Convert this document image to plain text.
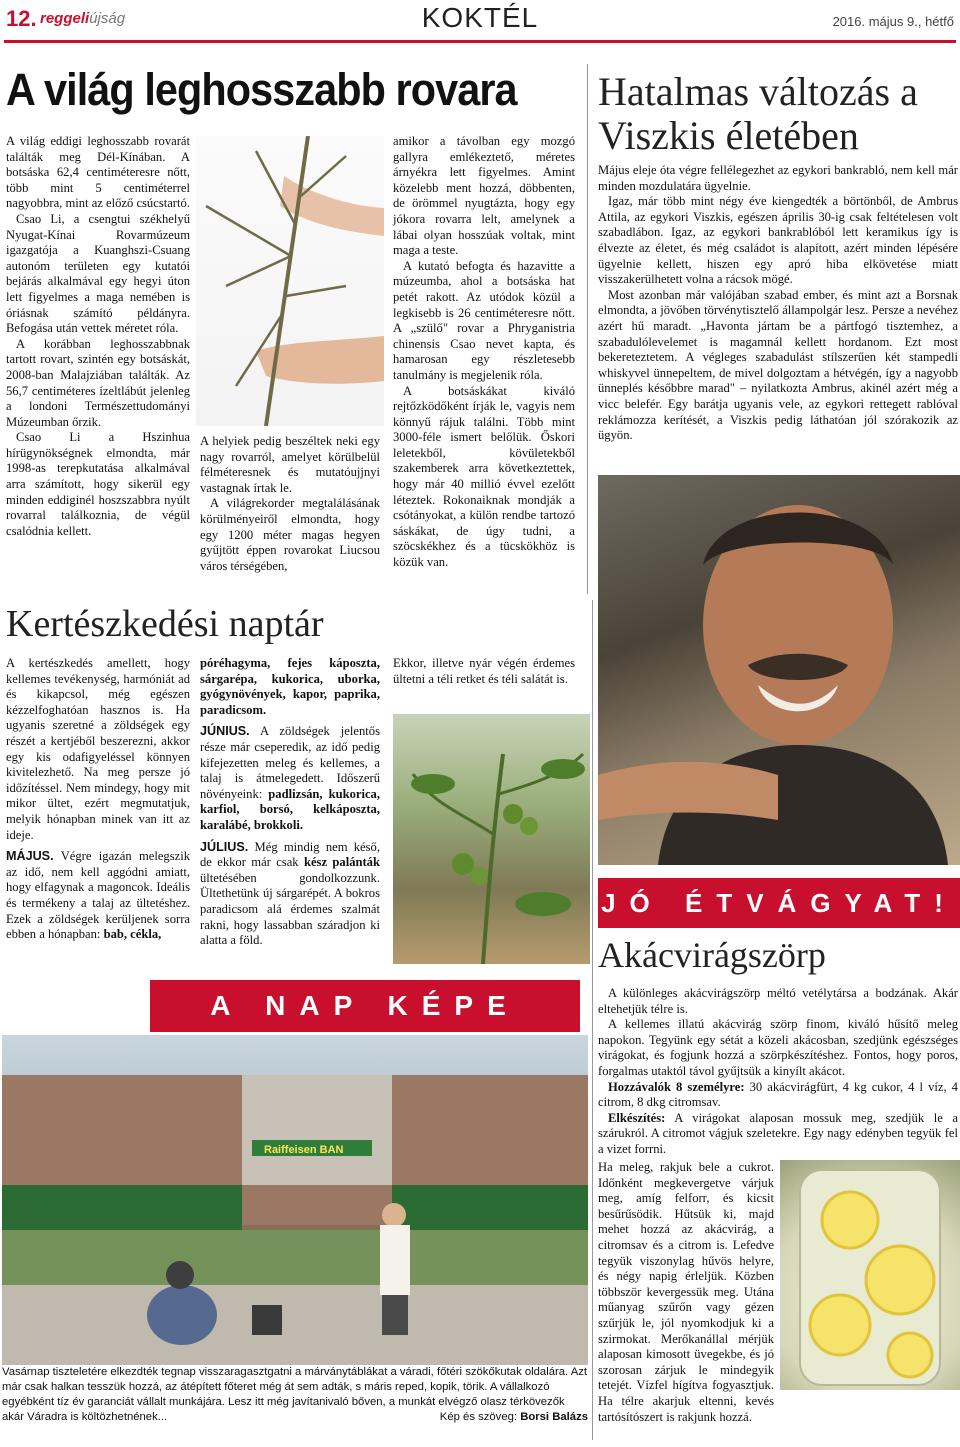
12. reggeliújság	KOKTÉL	2016. május 9., hétfő
A világ leghosszabb rovara

A világ eddigi leghosszabb rovarát találták meg Dél-Kínában. A botsáska 62,4 centiméteresre nőtt, több mint 5 centiméterrel nagyobbra, mint az előző csúcstartó.

Csao Li, a csengtui székhelyű Nyugat-Kínai Rovarmúzeum igazgatója a Kuanghszi-Csuang autonóm területen egy kutatói bejárás alkalmával egy hegyi úton lett figyelmes a maga nemében is óriásnak számító példányra. Befogása után vettek méretet róla.

A korábban leghosszabbnak tartott rovart, szintén egy botsáskát, 2008-ban Malajziában találták. Az 56,7 centiméteres ízeltlábút jelenleg a londoni Természettudományi Múzeumban őrzik.

Csao Li a Hszinhua hírügynökségnek elmondta, már 1998-as terepkutatása alkalmával arra számított, hogy sikerül egy minden eddiginél hoszszabbra nyúlt rovarral találkoznia, de végül csalódnia kellett.

A helyiek pedig beszéltek neki egy nagy rovarról, amelyet körülbelül félméteresnek és mutatóujjnyi vastagnak írtak le.

A világrekorder megtalálásának körülményeiről elmondta, hogy egy 1200 méter magas hegyen gyűjtött éppen rovarokat Liucsou város térségében,

amikor a távolban egy mozgó gallyra emlékeztető, méretes árnyékra lett figyelmes. Amint közelebb ment hozzá, döbbenten, de örömmel nyugtázta, hogy egy jókora rovarra lelt, amelynek a lábai olyan hosszúak voltak, mint maga a teste.

A kutató befogta és hazavitte a múzeumba, ahol a botsáska hat petét rakott. Az utódok közül a legkisebb is 26 centiméteresre nőtt. A „szülő" rovar a Phryganistria chinensis Csao nevet kapta, és hamarosan egy részletesebb tanulmány is megjelenik róla.

A botsáskákat kiváló rejtőzködőként írják le, vagyis nem könnyű rájuk találni. Több mint 3000-féle ismert belőlük. Őskori leletekből, kövületekből szakemberek arra következtettek, hogy már 40 millió évvel ezelőtt léteztek. Rokonaiknak mondják a csótányokat, a külön rendbe tartozó sáskákat, de úgy tudni, a szöcskékhez és a tücskökhöz is közük van.

Hatalmas változás a Viszkis életében

Május eleje óta végre fellélegezhet az egykori bankrabló, nem kell már minden mozdulatára ügyelnie.

Igaz, már több mint négy éve kiengedték a börtönből, de Ambrus Attila, az egykori Viszkis, egészen április 30-ig csak feltételesen volt szabadlábon. Igaz, az egykori bankrablóból lett keramikus így is élvezte az életet, és még családot is alapított, azért minden lépésére ügyelnie kellett, hiszen egy apró hiba elkövetése miatt visszakerülhetett volna a rácsok mögé.

Most azonban már valójában szabad ember, és mint azt a Borsnak elmondta, a jövőben törvénytisztelő állampolgár lesz. Persze a nevéhez azért hű maradt. „Havonta jártam be a pártfogó tisztemhez, a szabadulólevelemet is magamnál kellett hordanom. Ezt most bekereteztetem. A végleges szabadulást stílszerűen két stampedli whiskyvel ünnepeltem, de mivel dolgoztam a hétvégén, így a nagyobb ünneplés későbbre marad" – nyilatkozta Ambrus, akinél azért még a vicc belefér. Egy barátja ugyanis vele, az egykori rettegett rablóval reklámozza kerítését, a Viszkis pedig láthatóan jól szórakozik az ügyön.

Kertészkedési naptár

A kertészkedés amellett, hogy kellemes tevékenység, harmóniát ad és kikapcsol, még egészen kézzelfoghatóan hasznos is. Ha ugyanis szeretné a zöldségek egy részét a kertjéből beszerezni, akkor egy kis odafigyeléssel könnyen kivitelezhető. Na meg persze jó időzítéssel. Nem mindegy, hogy mit mikor ültet, ezért megmutatjuk, melyik hónapban minek van itt az ideje.

MÁJUS. Végre igazán melegszik az idő, nem kell aggódni amiatt, hogy elfagynak a magoncok. Ideális és termékeny a talaj az ültetéshez. Ezek a zöldségek kerüljenek sorra ebben a hónapban: bab, cékla,

póréhagyma, fejes káposzta, sárgarépa, kukorica, uborka, gyógynövények, kapor, paprika, paradicsom.

JÚNIUS. A zöldségek jelentős része már cseperedik, az idő pedig kifejezetten meleg és kellemes, a talaj is átmelegedett. Időszerű növényeink: padlizsán, kukorica, karfiol, borsó, kelkáposzta, karalábé, brokkoli.

JÚLIUS. Még mindig nem késő, de ekkor már csak kész palánták ültetésében gondolkozzunk. Ültethetünk új sárgarépét. A bokros paradicsom alá érdemes szalmát rakni, hogy lassabban száradjon ki alatta a föld.

Ekkor, illetve nyár végén érdemes ültetni a téli retket és téli salátát is.

A NAP KÉPE
Raiffeisen BAN
Vasárnap tiszteletére elkezdték tegnap visszaragasztgatni a márványtáblákat a váradi, főtéri szökőkutak oldalára. Azt már csak halkan tesszük hozzá, az átépített főteret még át sem adták, s máris reped, kopik, törik. A vállalkozó egyébként tíz év garanciát vállalt munkájára. Lesz itt még javítanivaló bőven, a munkát elvégző olasz térkövezők akár Váradra is költözhetnének...	Kép és szöveg: Borsi Balázs
JÓ ÉTVÁGYAT!
Akácvirágszörp

A különleges akácvirágszörp méltó vetélytársa a bodzának. Akár eltehetjük télre is.

A kellemes illatú akácvirág szörp finom, kiváló hűsítő meleg napokon. Tegyünk egy sétát a közeli akácosban, szedjünk egészséges virágokat, és fogjunk hozzá a szörpkészítéshez. Fontos, hogy poros, forgalmas utaktól távol gyűjtsük a kinyílt akácot.

Hozzávalók 8 személyre: 30 akácvirágfürt, 4 kg cukor, 4 l víz, 4 citrom, 8 dkg citromsav.

Elkészítés: A virágokat alaposan mossuk meg, szedjük le a szárukról. A citromot vágjuk szeletekre. Egy nagy edényben tegyük fel a vizet forrni.

Ha meleg, rakjuk bele a cukrot. Időnként megkevergetve várjuk meg, amíg felforr, és kicsit besűrűsödik. Hűtsük ki, majd mehet hozzá az akácvirág, a citromsav és a citrom is. Lefedve tegyük viszonylag hűvös helyre, és négy napig érleljük. Közben többször kevergessük meg. Utána műanyag szűrőn vagy gézen szűrjük le, jól nyomkodjuk ki a szirmokat. Merőkanállal mérjük alaposan kimosott üvegekbe, és jó szorosan zárjuk le mindegyik tetejét. Vízfel hígítva fogyasztjuk. Ha télre akarjuk eltenni, kevés tartósítószert is rakjunk hozzá.
